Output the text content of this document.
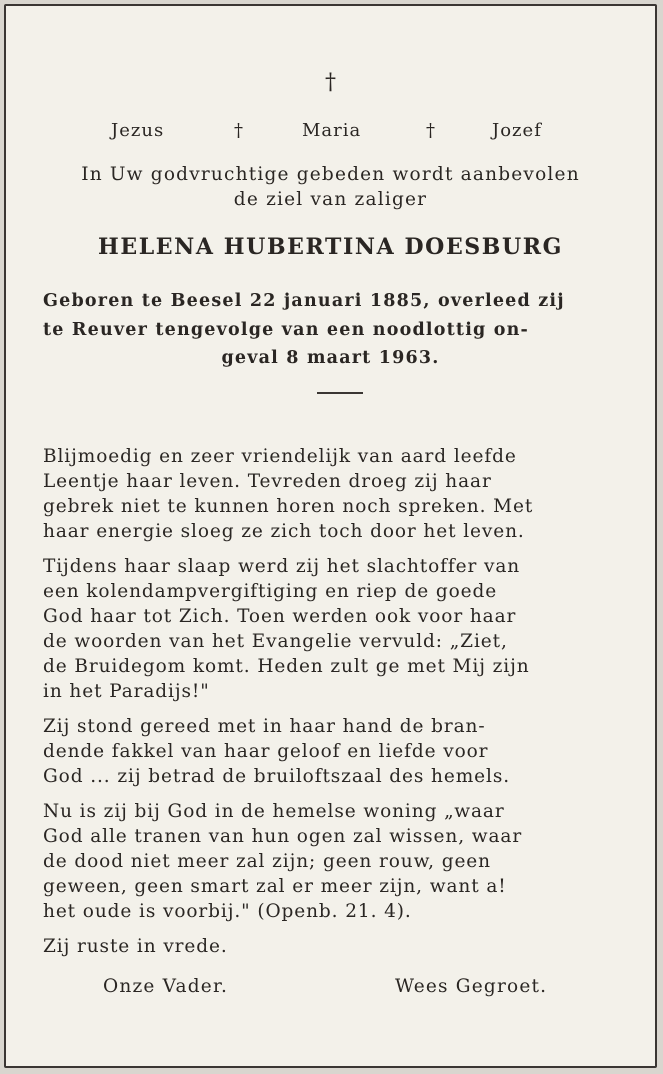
†
Jezus	†	Maria	†	Jozef
In Uw godvruchtige gebeden wordt aanbevolen
de ziel van zaliger
HELENA HUBERTINA DOESBURG
Geboren te Beesel 22 januari 1885, overleed zij
te Reuver tengevolge van een noodlottig on-
geval 8 maart 1963.
Blijmoedig en zeer vriendelijk van aard leefde
Leentje haar leven. Tevreden droeg zij haar
gebrek niet te kunnen horen noch spreken. Met
haar energie sloeg ze zich toch door het leven.
Tijdens haar slaap werd zij het slachtoffer van
een kolendampvergiftiging en riep de goede
God haar tot Zich. Toen werden ook voor haar
de woorden van het Evangelie vervuld: „Ziet,
de Bruidegom komt. Heden zult ge met Mij zijn
in het Paradijs!"
Zij stond gereed met in haar hand de bran-
dende fakkel van haar geloof en liefde voor
God ... zij betrad de bruiloftszaal des hemels.
Nu is zij bij God in de hemelse woning „waar
God alle tranen van hun ogen zal wissen, waar
de dood niet meer zal zijn; geen rouw, geen
geween, geen smart zal er meer zijn, want a!
het oude is voorbij." (Openb. 21. 4).
Zij ruste in vrede.
Onze Vader.	Wees Gegroet.
